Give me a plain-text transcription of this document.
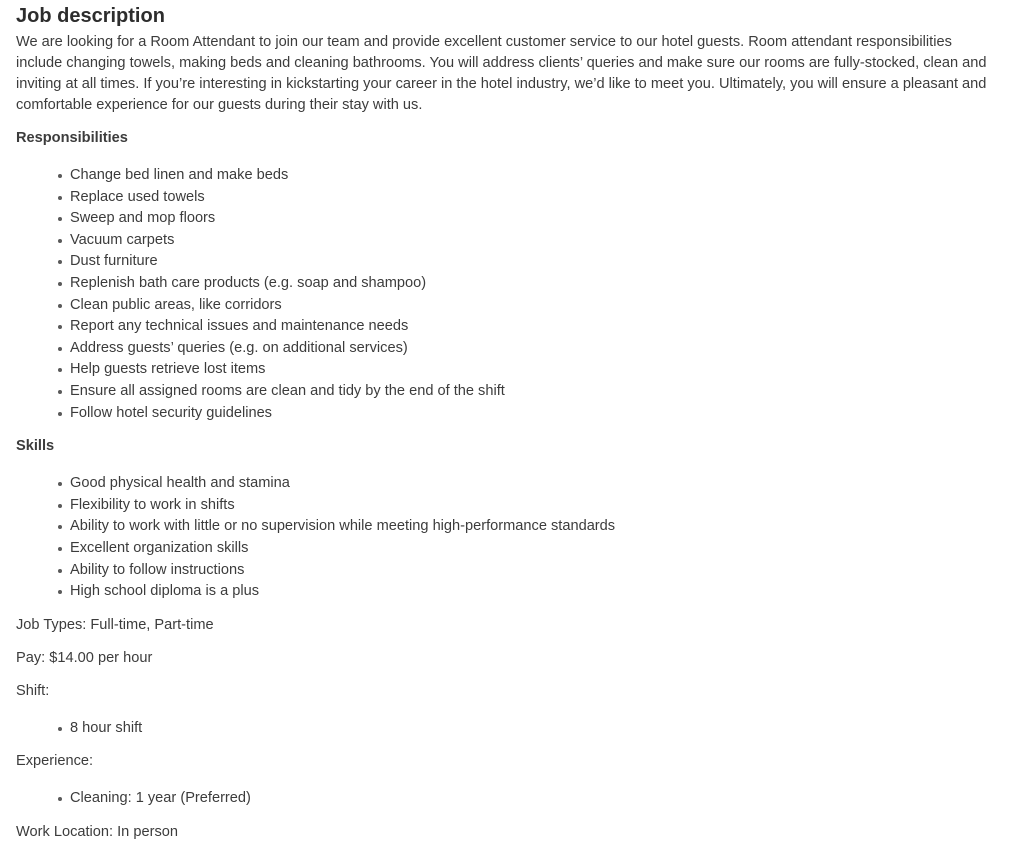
Job description

We are looking for a Room Attendant to join our team and provide excellent customer service to our hotel guests. Room attendant responsibilities include changing towels, making beds and cleaning bathrooms. You will address clients’ queries and make sure our rooms are fully-stocked, clean and inviting at all times. If you’re interesting in kickstarting your career in the hotel industry, we’d like to meet you. Ultimately, you will ensure a pleasant and comfortable experience for our guests during their stay with us.

Responsibilities

Change bed linen and make beds
Replace used towels
Sweep and mop floors
Vacuum carpets
Dust furniture
Replenish bath care products (e.g. soap and shampoo)
Clean public areas, like corridors
Report any technical issues and maintenance needs
Address guests’ queries (e.g. on additional services)
Help guests retrieve lost items
Ensure all assigned rooms are clean and tidy by the end of the shift
Follow hotel security guidelines

Skills

Good physical health and stamina
Flexibility to work in shifts
Ability to work with little or no supervision while meeting high-performance standards
Excellent organization skills
Ability to follow instructions
High school diploma is a plus

Job Types: Full-time, Part-time

Pay: $14.00 per hour

Shift:

8 hour shift

Experience:

Cleaning: 1 year (Preferred)

Work Location: In person
